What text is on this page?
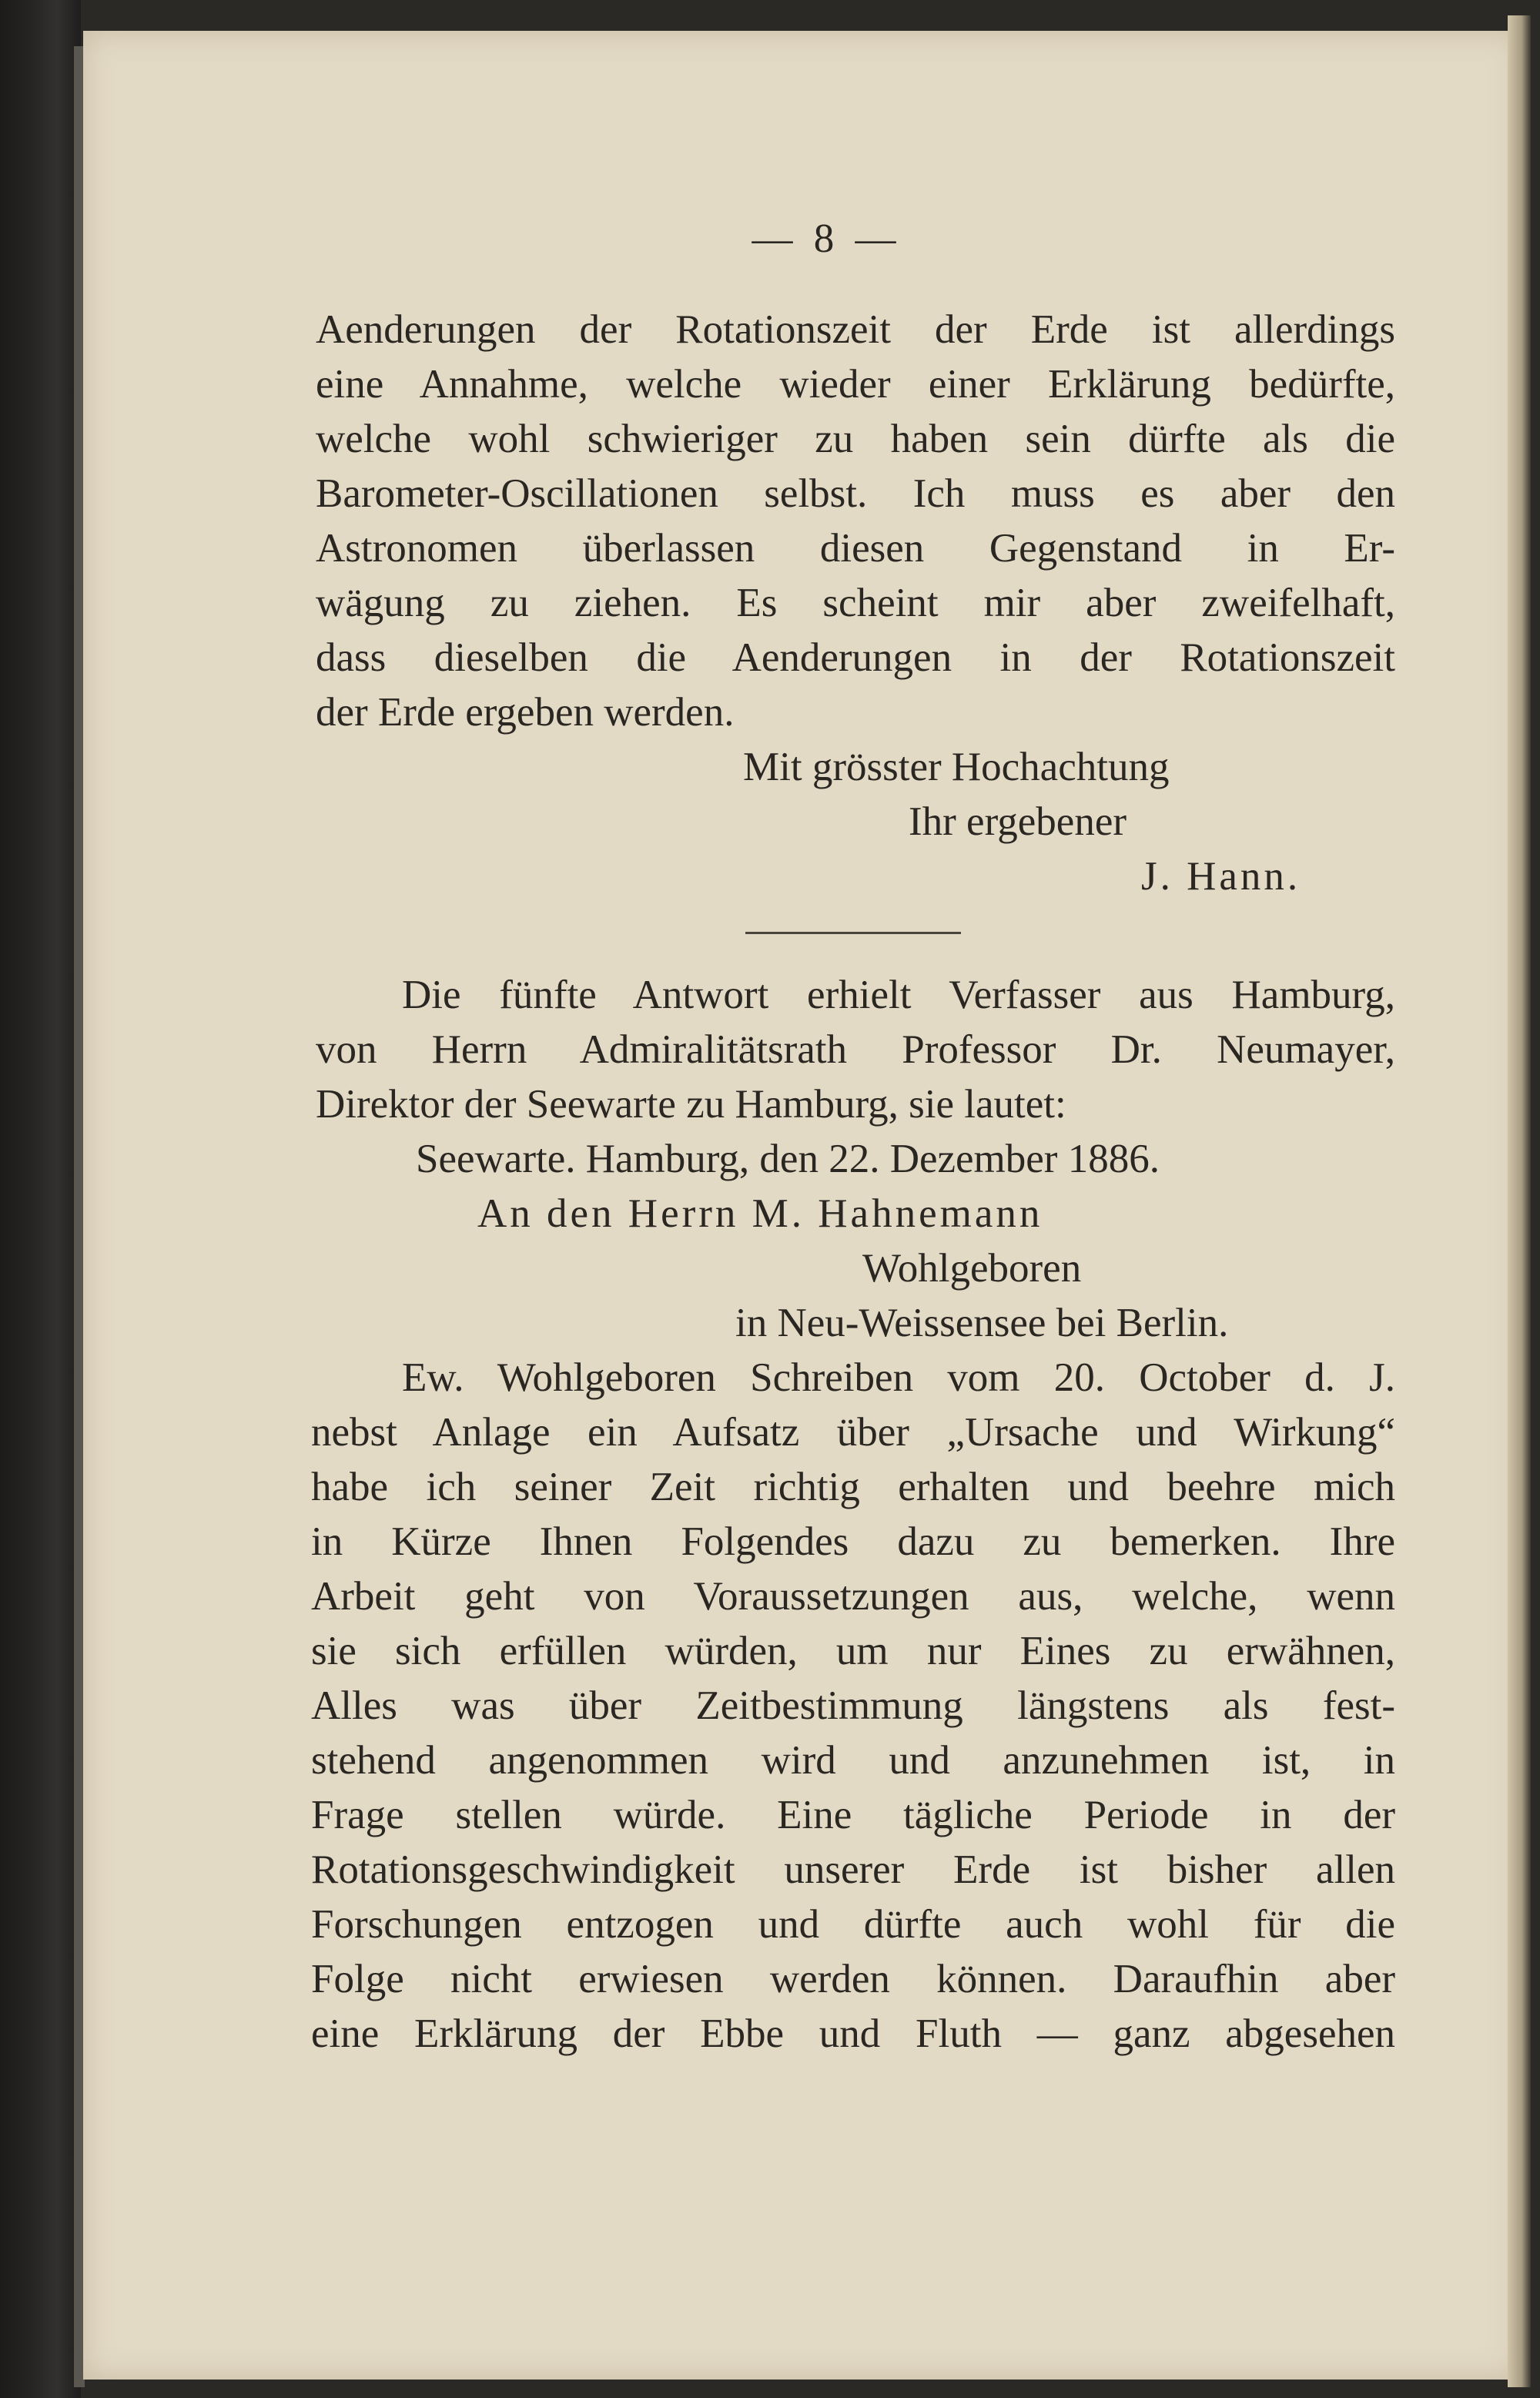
— 8 —
Aenderungen der Rotationszeit der Erde ist allerdings
eine Annahme, welche wieder einer Erklärung bedürfte,
welche wohl schwieriger zu haben sein dürfte als die
Barometer-Oscillationen selbst. Ich muss es aber den
Astronomen überlassen diesen Gegenstand in Er-
wägung zu ziehen. Es scheint mir aber zweifelhaft,
dass dieselben die Aenderungen in der Rotationszeit
der Erde ergeben werden.
Mit grösster Hochachtung
Ihr ergebener
J. Hann.
Die fünfte Antwort erhielt Verfasser aus Hamburg,
von Herrn Admiralitätsrath Professor Dr. Neumayer,
Direktor der Seewarte zu Hamburg, sie lautet:
Seewarte. Hamburg, den 22. Dezember 1886.
An den Herrn M. Hahnemann
Wohlgeboren
in Neu-Weissensee bei Berlin.
Ew. Wohlgeboren Schreiben vom 20. October d. J.
nebst Anlage ein Aufsatz über „Ursache und Wirkung“
habe ich seiner Zeit richtig erhalten und beehre mich
in Kürze Ihnen Folgendes dazu zu bemerken. Ihre
Arbeit geht von Voraussetzungen aus, welche, wenn
sie sich erfüllen würden, um nur Eines zu erwähnen,
Alles was über Zeitbestimmung längstens als fest-
stehend angenommen wird und anzunehmen ist, in
Frage stellen würde. Eine tägliche Periode in der
Rotationsgeschwindigkeit unserer Erde ist bisher allen
Forschungen entzogen und dürfte auch wohl für die
Folge nicht erwiesen werden können. Daraufhin aber
eine Erklärung der Ebbe und Fluth — ganz abgesehen
